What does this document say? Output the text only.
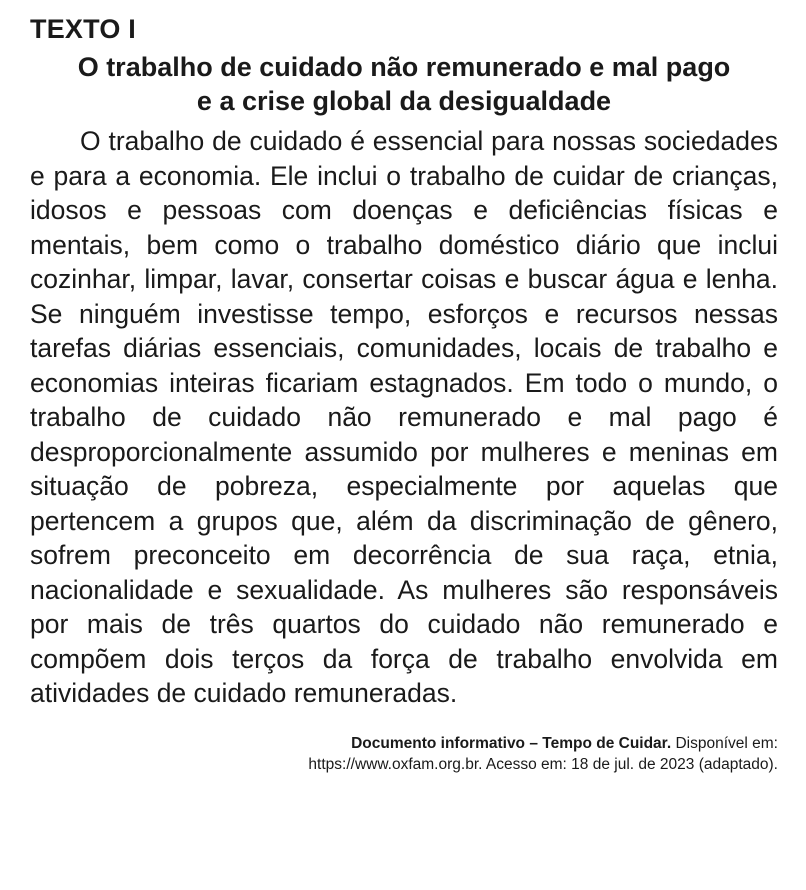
TEXTO I
O trabalho de cuidado não remunerado e mal pago
e a crise global da desigualdade

O trabalho de cuidado é essencial para nossas sociedades e para a economia. Ele inclui o trabalho de cuidar de crianças, idosos e pessoas com doenças e deficiências físicas e mentais, bem como o trabalho doméstico diário que inclui cozinhar, limpar, lavar, consertar coisas e buscar água e lenha. Se ninguém investisse tempo, esforços e recursos nessas tarefas diárias essenciais, comunidades, locais de trabalho e economias inteiras ficariam estagnados. Em todo o mundo, o trabalho de cuidado não remunerado e mal pago é desproporcionalmente assumido por mulheres e meninas em situação de pobreza, especialmente por aquelas que pertencem a grupos que, além da discriminação de gênero, sofrem preconceito em decorrência de sua raça, etnia, nacionalidade e sexualidade. As mulheres são responsáveis por mais de três quartos do cuidado não remunerado e compõem dois terços da força de trabalho envolvida em atividades de cuidado remuneradas.

Documento informativo – Tempo de Cuidar. Disponível em:
https://www.oxfam.org.br. Acesso em: 18 de jul. de 2023 (adaptado).
